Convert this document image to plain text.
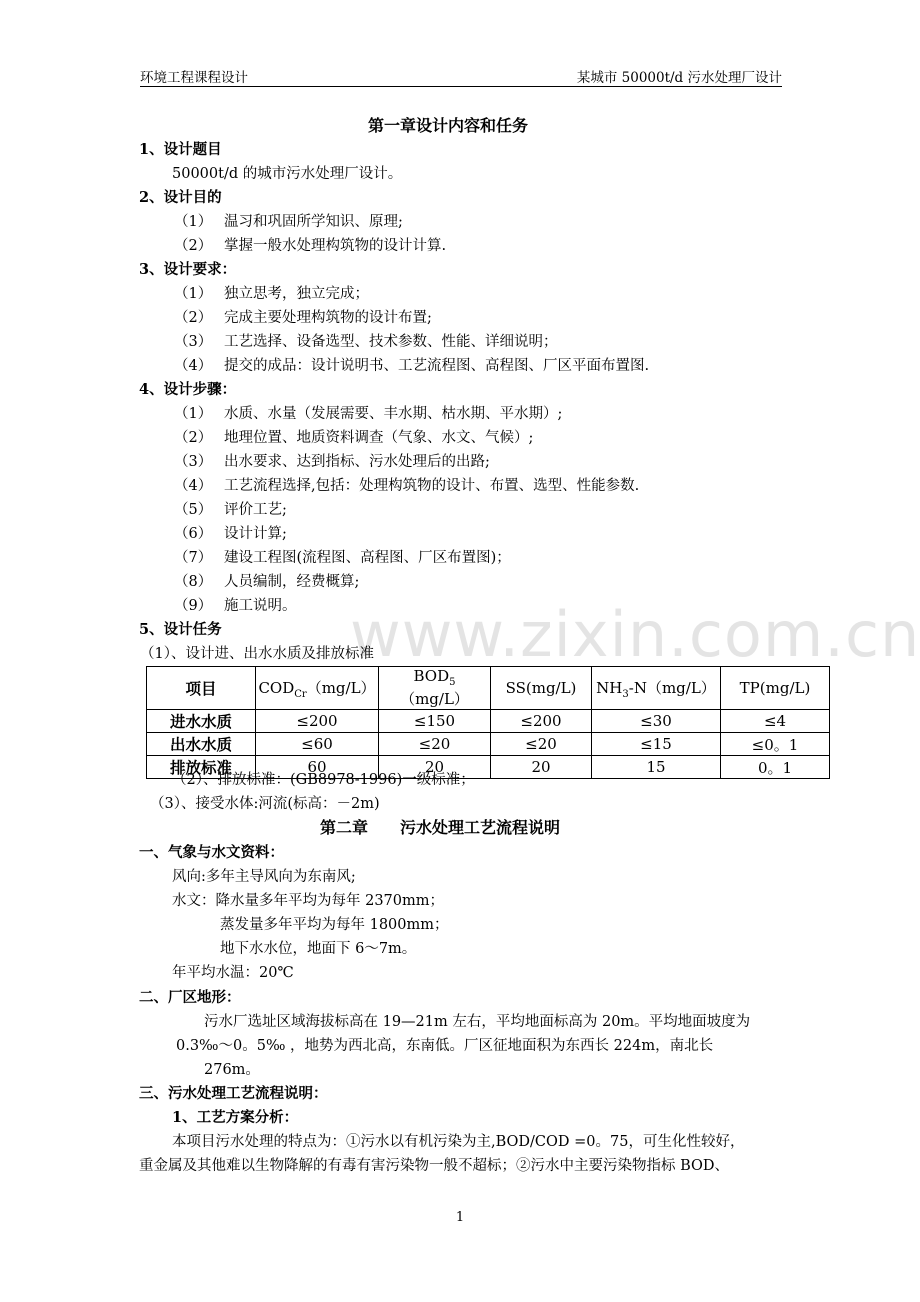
环境工程课程设计	某城市 50000t/d 污水处理厂设计
www.zixin.com.cn
第一章设计内容和任务
1、设计题目
50000t/d 的城市污水处理厂设计。
2、设计目的
（1） 温习和巩固所学知识、原理;
（2） 掌握一般水处理构筑物的设计计算.
3、设计要求：
（1） 独立思考，独立完成；
（2） 完成主要处理构筑物的设计布置;
（3） 工艺选择、设备选型、技术参数、性能、详细说明；
（4） 提交的成品：设计说明书、工艺流程图、高程图、厂区平面布置图.
4、设计步骤：
（1） 水质、水量（发展需要、丰水期、枯水期、平水期）;
（2） 地理位置、地质资料调查（气象、水文、气候）;
（3） 出水要求、达到指标、污水处理后的出路;
（4） 工艺流程选择,包括：处理构筑物的设计、布置、选型、性能参数.
（5） 评价工艺;
（6） 设计计算;
（7） 建设工程图(流程图、高程图、厂区布置图)；
（8） 人员编制，经费概算;
（9） 施工说明。
5、设计任务
（1）、设计进、出水水质及排放标准
项目	$COD_{Cr}(mg/L)$	$BOD_5(mg/L)$	SS(mg/L)	$NH_3-N(mg/L)$	TP(mg/L)
进水水质	≤200	≤150	≤200	≤30	≤4
出水水质	≤60	≤20	≤20	≤15	≤0。1
排放标准	60	20	20	15	0。1
（2）、排放标准：(GB8978-1996)一级标准；
（3）、接受水体:河流(标高：－2m)
第二章　　污水处理工艺流程说明
一、气象与水文资料：
风向:多年主导风向为东南风;
水文：降水量多年平均为每年 2370mm；
蒸发量多年平均为每年 1800mm；
地下水水位，地面下 6～7m。
年平均水温：20℃
二、厂区地形：
污水厂选址区域海拔标高在 19—21m 左右，平均地面标高为 20m。平均地面坡度为
0.3‰～0。5‰ ，地势为西北高，东南低。厂区征地面积为东西长 224m，南北长
276m。
三、污水处理工艺流程说明：
1、工艺方案分析：
本项目污水处理的特点为：①污水以有机污染为主,BOD/COD =0。75，可生化性较好，
重金属及其他难以生物降解的有毒有害污染物一般不超标；②污水中主要污染物指标 BOD、
1
